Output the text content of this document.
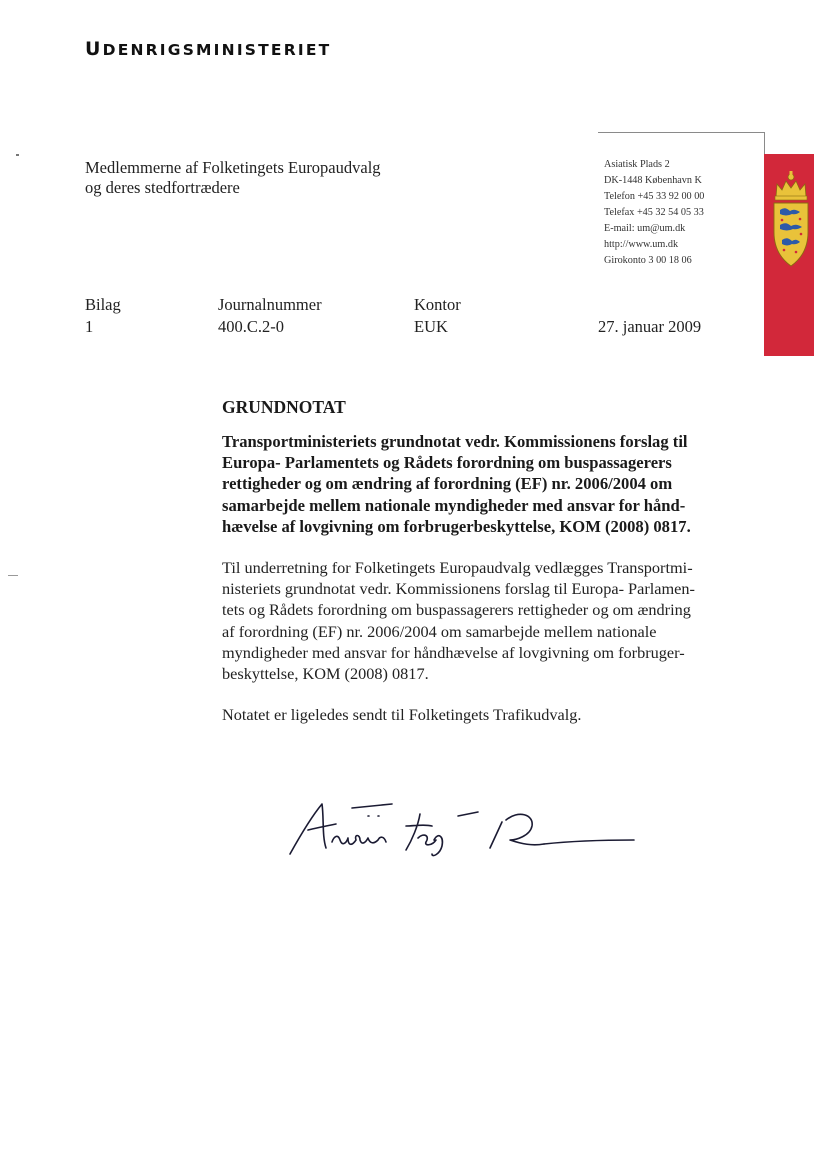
UDENRIGSMINISTERIET
Medlemmerne af Folketingets Europaudvalg
og deres stedfortrædere
Asiatisk Plads 2
DK-1448 København K
Telefon +45 33 92 00 00
Telefax +45 32 54 05 33
E-mail: um@um.dk
http://www.um.dk
Girokonto 3 00 18 06
Bilag
1
Journalnummer
400.C.2-0
Kontor
EUK	27. januar 2009
GRUNDNOTAT
Transportministeriets grundnotat vedr. Kommissionens forslag til
Europa- Parlamentets og Rådets forordning om buspassagerers
rettigheder og om ændring af forordning (EF) nr. 2006/2004 om
samarbejde mellem nationale myndigheder med ansvar for hånd-
hævelse af lovgivning om forbrugerbeskyttelse, KOM (2008) 0817.
Til underretning for Folketingets Europaudvalg vedlægges Transportmi-
nisteriets grundnotat vedr. Kommissionens forslag til Europa- Parlamen-
tets og Rådets forordning om buspassagerers rettigheder og om ændring
af forordning (EF) nr. 2006/2004 om samarbejde mellem nationale
myndigheder med ansvar for håndhævelse af lovgivning om forbruger-
beskyttelse, KOM (2008) 0817.
Notatet er ligeledes sendt til Folketingets Trafikudvalg.
